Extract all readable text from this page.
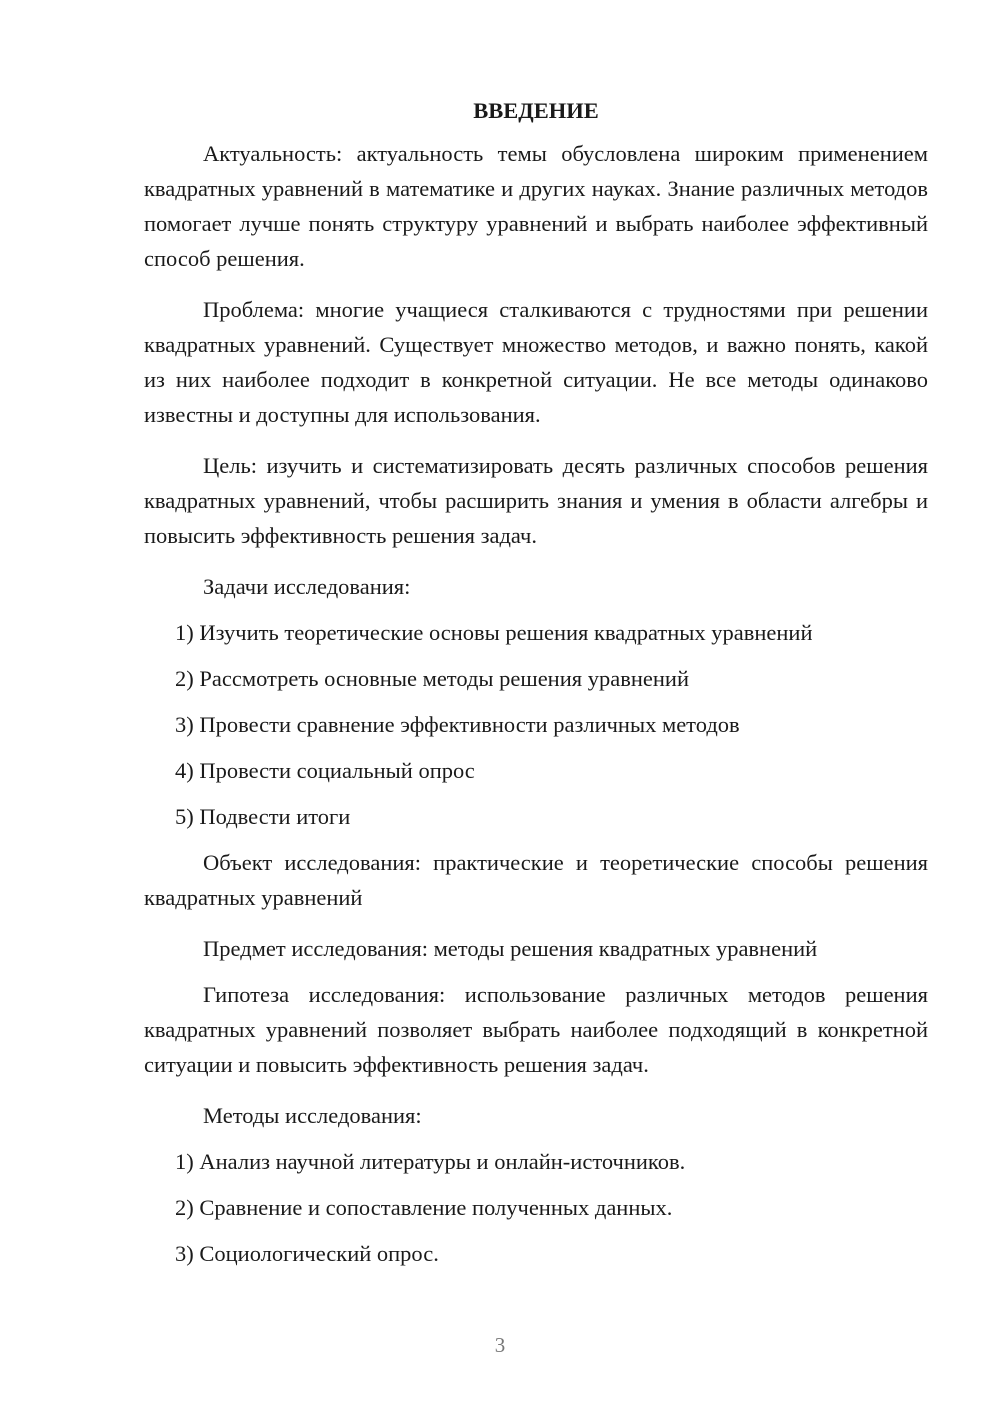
ВВЕДЕНИЕ

Актуальность: актуальность темы обусловлена широким применением квадратных уравнений в математике и других науках. Знание различных методов помогает лучше понять структуру уравнений и выбрать наиболее эффективный способ решения.

Проблема: многие учащиеся сталкиваются с трудностями при решении квадратных уравнений. Существует множество методов, и важно понять, какой из них наиболее подходит в конкретной ситуации. Не все методы одинаково известны и доступны для использования.

Цель: изучить и систематизировать десять различных способов решения квадратных уравнений, чтобы расширить знания и умения в области алгебры и повысить эффективность решения задач.

Задачи исследования:

1) Изучить теоретические основы решения квадратных уравнений
2) Рассмотреть основные методы решения уравнений
3) Провести сравнение эффективности различных методов
4) Провести социальный опрос
5) Подвести итоги

Объект исследования: практические и теоретические способы решения квадратных уравнений

Предмет исследования: методы решения квадратных уравнений

Гипотеза исследования: использование различных методов решения квадратных уравнений позволяет выбрать наиболее подходящий в конкретной ситуации и повысить эффективность решения задач.

Методы исследования:

1) Анализ научной литературы и онлайн-источников.
2) Сравнение и сопоставление полученных данных.
3) Социологический опрос.
3
